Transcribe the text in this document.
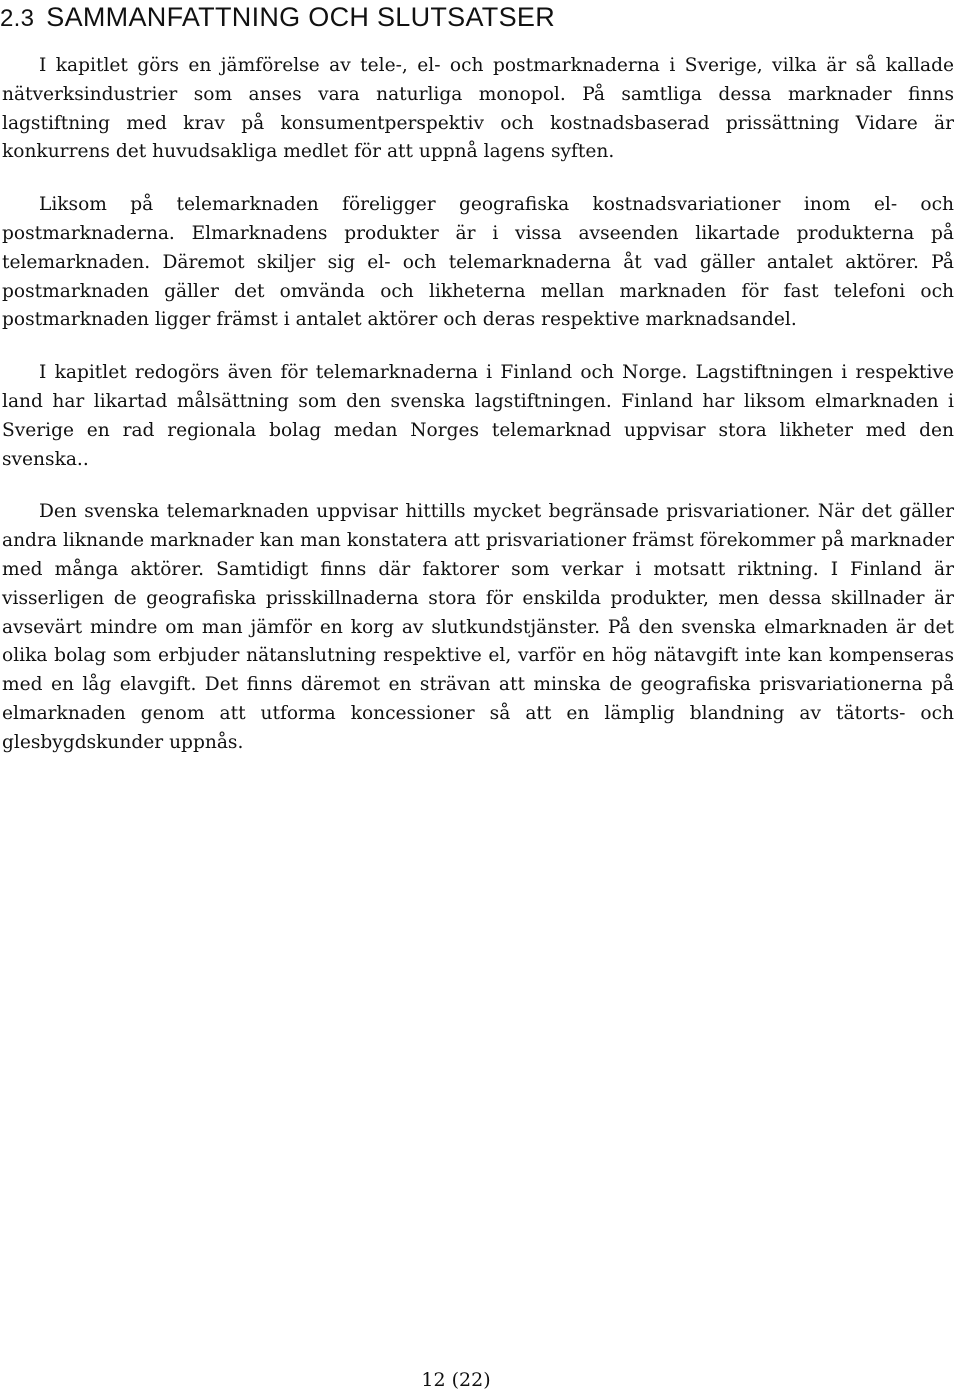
2.3 SAMMANFATTNING OCH SLUTSATSER

I kapitlet görs en jämförelse av tele-, el- och postmarknaderna i Sverige, vilka är så kallade nätverksindustrier som anses vara naturliga monopol. På samtliga dessa marknader finns lagstiftning med krav på konsumentperspektiv och kostnadsbaserad prissättning Vidare är konkurrens det huvudsakliga medlet för att uppnå lagens syften.

Liksom på telemarknaden föreligger geografiska kostnadsvariationer inom el- och postmarknaderna. Elmarknadens produkter är i vissa avseenden likartade produkterna på telemarknaden. Däremot skiljer sig el- och telemarknaderna åt vad gäller antalet aktörer. På postmarknaden gäller det omvända och likheterna mellan marknaden för fast telefoni och postmarknaden ligger främst i antalet aktörer och deras respektive marknadsandel.

I kapitlet redogörs även för telemarknaderna i Finland och Norge. Lagstiftningen i respektive land har likartad målsättning som den svenska lagstiftningen. Finland har liksom elmarknaden i Sverige en rad regionala bolag medan Norges telemarknad uppvisar stora likheter med den svenska..

Den svenska telemarknaden uppvisar hittills mycket begränsade prisvariationer. När det gäller andra liknande marknader kan man konstatera att prisvariationer främst förekommer på marknader med många aktörer. Samtidigt finns där faktorer som verkar i motsatt riktning. I Finland är visserligen de geografiska prisskillnaderna stora för enskilda produkter, men dessa skillnader är avsevärt mindre om man jämför en korg av slutkundstjänster. På den svenska elmarknaden är det olika bolag som erbjuder nätanslutning respektive el, varför en hög nätavgift inte kan kompenseras med en låg elavgift. Det finns däremot en strävan att minska de geografiska prisvariationerna på elmarknaden genom att utforma koncessioner så att en lämplig blandning av tätorts- och glesbygdskunder uppnås.

12 (22)
